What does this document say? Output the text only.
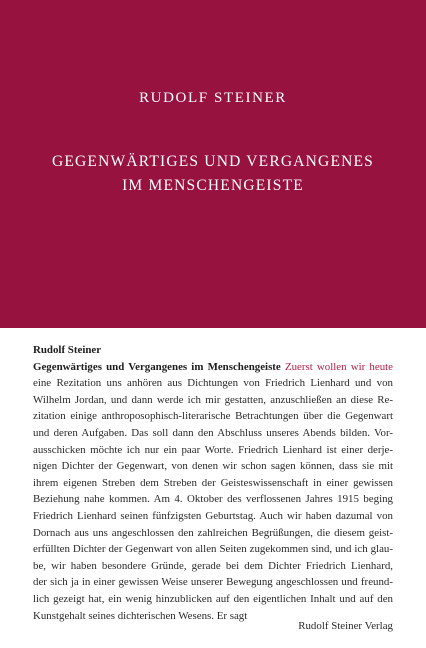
RUDOLF STEINER
GEGENWÄRTIGES UND VERGANGENES
IM MENSCHENGEISTE
Rudolf Steiner
Gegenwärtiges und Vergangenes im Menschengeiste Zuerst wollen wir heute
eine Rezitation uns anhören aus Dichtungen von Friedrich Lienhard und von
Wilhelm Jordan, und dann werde ich mir gestatten, anzuschließen an diese Re-
zitation einige anthroposophisch-literarische Betrachtungen über die Gegenwart
und deren Aufgaben. Das soll dann den Abschluss unseres Abends bilden. Vor-
ausschicken möchte ich nur ein paar Worte. Friedrich Lienhard ist einer derje-
nigen Dichter der Gegenwart, von denen wir schon sagen können, dass sie mit
ihrem eigenen Streben dem Streben der Geisteswissenschaft in einer gewissen
Beziehung nahe kommen. Am 4. Oktober des verflossenen Jahres 1915 beging
Friedrich Lienhard seinen fünfzigsten Geburtstag. Auch wir haben dazumal von
Dornach aus uns angeschlossen den zahlreichen Begrüßungen, die diesem geist-
erfüllten Dichter der Gegenwart von allen Seiten zugekommen sind, und ich glau-
be, wir haben besondere Gründe, gerade bei dem Dichter Friedrich Lienhard,
der sich ja in einer gewissen Weise unserer Bewegung angeschlossen und freund-
lich gezeigt hat, ein wenig hinzublicken auf den eigentlichen Inhalt und auf den
Kunstgehalt seines dichterischen Wesens. Er sagt
Rudolf Steiner Verlag
